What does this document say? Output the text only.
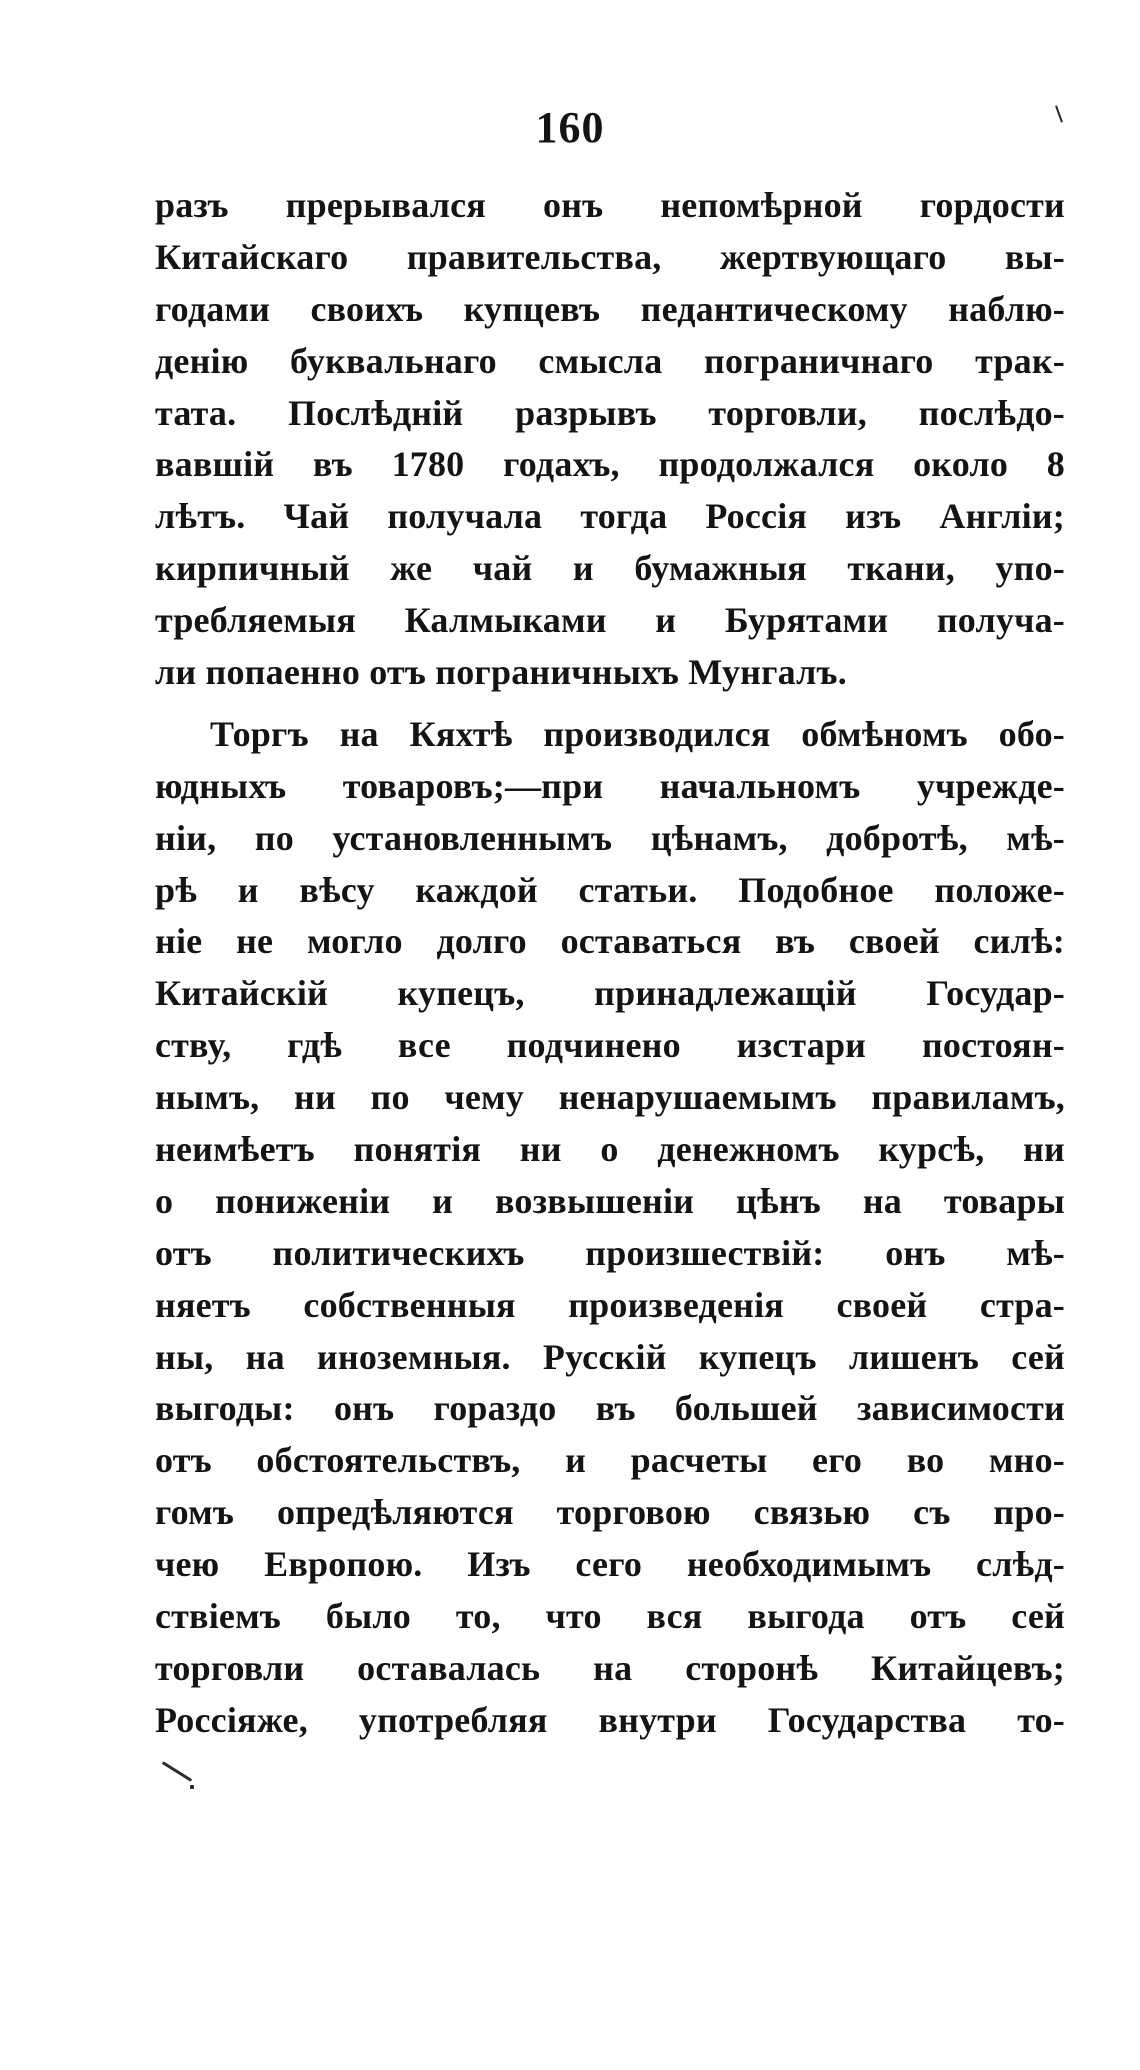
160
разъ прерывался онъ непомѣрной гордости
Китайскаго правительства, жертвующаго вы-
годами своихъ купцевъ педантическому наблю-
денію буквальнаго смысла пограничнаго трак-
тата. Послѣдній разрывъ торговли, послѣдо-
вавшій въ 1780 годахъ, продолжался около 8
лѣтъ. Чай получала тогда Россія изъ Англіи;
кирпичный же чай и бумажныя ткани, упо-
требляемыя Калмыками и Бурятами получа-
ли попаенно отъ пограничныхъ Мунгалъ.
Торгъ на Кяхтѣ производился обмѣномъ обо-
юдныхъ товаровъ;—при начальномъ учрежде-
ніи, по установленнымъ цѣнамъ, добротѣ, мѣ-
рѣ и вѣсу каждой статьи. Подобное положе-
ніе не могло долго оставаться въ своей силѣ:
Китайскій купецъ, принадлежащій Государ-
ству, гдѣ все подчинено изстари постоян-
нымъ, ни по чему ненарушаемымъ правиламъ,
неимѣетъ понятія ни о денежномъ курсѣ, ни
о пониженіи и возвышеніи цѣнъ на товары
отъ политическихъ произшествій: онъ мѣ-
няетъ собственныя произведенія своей стра-
ны, на иноземныя. Русскій купецъ лишенъ сей
выгоды: онъ гораздо въ большей зависимости
отъ обстоятельствъ, и расчеты его во мно-
гомъ опредѣляются торговою связью съ про-
чею Европою. Изъ сего необходимымъ слѣд-
ствіемъ было то, что вся выгода отъ сей
торговли оставалась на сторонѣ Китайцевъ;
Россіяже, употребляя внутри Государства то-
